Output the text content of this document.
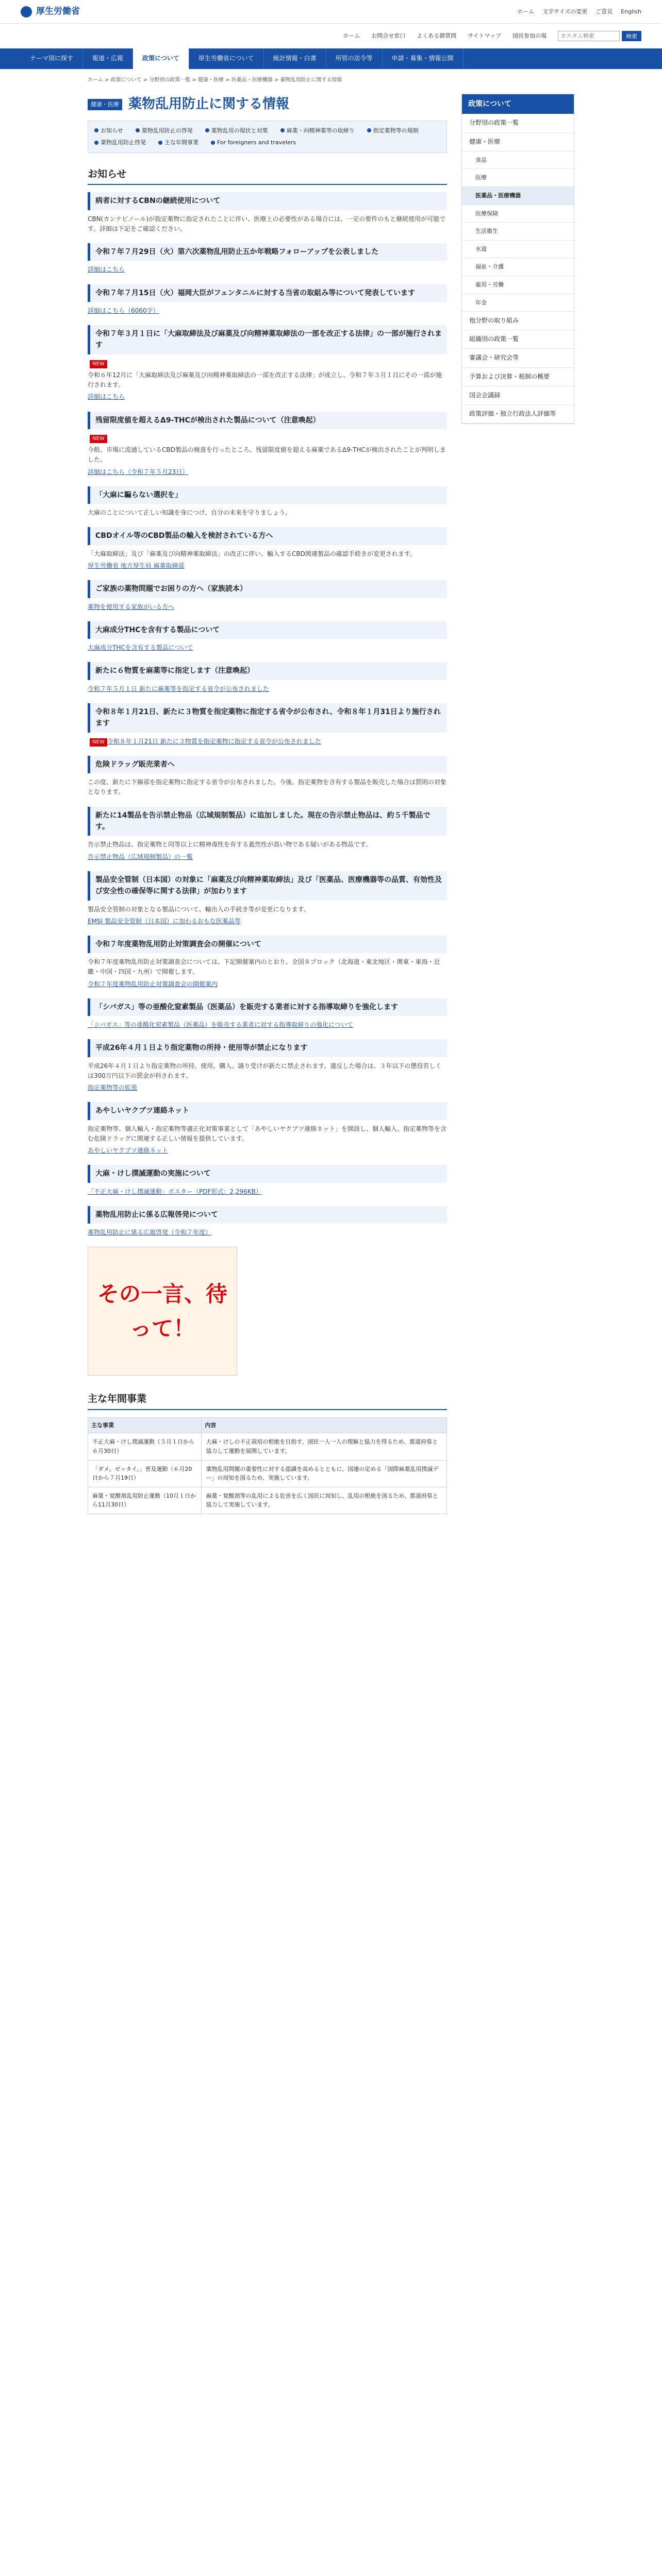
厚生労働省	ホーム 文字サイズの変更 ご意見 English
ホーム お問合せ窓口 よくある御質問 サイトマップ 国民参加の場
カスタム検索	検索
テーマ別に探す	報道・広報	政策について	厚生労働省について	統計情報・白書	所管の法令等	申請・募集・情報公開
ホーム > 政策について > 分野別の政策一覧 > 健康・医療 > 医薬品・医療機器 > 薬物乱用防止に関する情報
健康・医療 薬物乱用防止に関する情報
お知らせ	薬物乱用防止の啓発	薬物乱用の現状と対策	麻薬・向精神薬等の取締り	指定薬物等の規制
薬物乱用防止啓発	主な年間事業	For foreigners and travelers
お知らせ
病者に対するCBNの継続使用について

CBN(カンナビノール)が指定薬物に指定されたことに伴い、医療上の必要性がある場合には、一定の要件のもと継続使用が可能です。詳細は下記をご確認ください。

令和７年７月29日（火）第六次薬物乱用防止五か年戦略フォローアップを公表しました
詳細はこちら
令和７年７月15日（火）福岡大臣がフェンタニルに対する当省の取組み等について発表しています
詳細はこちら（6060字）
令和７年３月１日に「大麻取締法及び麻薬及び向精神薬取締法の一部を改正する法律」の一部が施行されます
NEW

令和６年12月に「大麻取締法及び麻薬及び向精神薬取締法の一部を改正する法律」が成立し、令和７年３月１日にその一部が施行されます。

詳細はこちら
残留限度値を超えるΔ9-THCが検出された製品について（注意喚起）
NEW

今般、市場に流通しているCBD製品の検査を行ったところ、残留限度値を超える麻薬であるΔ9-THCが検出されたことが判明しました。

詳細はこちら（令和７年５月23日）
「大麻に騙らない選択を」

大麻のことについて正しい知識を身につけ、自分の未来を守りましょう。

CBDオイル等のCBD製品の輸入を検討されている方へ

「大麻取締法」及び「麻薬及び向精神薬取締法」の改正に伴い、輸入するCBD関連製品の確認手続きが変更されます。

厚生労働省 地方厚生局 麻薬取締部
ご家族の薬物問題でお困りの方へ（家族読本）
薬物を使用する家族がいる方へ
大麻成分THCを含有する製品について
大麻成分THCを含有する製品について
新たに６物質を麻薬等に指定します（注意喚起）
令和７年５月１日 新たに麻薬等を指定する省令が公布されました
令和８年１月21日、新たに３物質を指定薬物に指定する省令が公布され、令和８年１月31日より施行されます
NEW 令和８年１月21日 新たに３物質を指定薬物に指定する省令が公布されました
危険ドラッグ販売業者へ

この度、新たに下線部を指定薬物に指定する省令が公布されました。今後、指定薬物を含有する製品を販売した場合は罰則の対象となります。

新たに14製品を告示禁止物品（広域規制製品）に追加しました。現在の告示禁止物品は、約５千製品です。

告示禁止物品は、指定薬物と同等以上に精神毒性を有する蓋然性が高い物である疑いがある物品です。

告示禁止物品（広域規制製品）の一覧
製品安全管制（日本国）の対象に「麻薬及び向精神薬取締法」及び「医薬品、医療機器等の品質、有効性及び安全性の確保等に関する法律」が加わります

製品安全管制の対象となる製品について、輸出入の手続き等が変更になります。

EMSI 製品安全管制（日本国）に加わるおもな医薬品等
令和７年度薬物乱用防止対策調査会の開催について

令和７年度薬物乱用防止対策調査会については、下記開催案内のとおり、全国８ブロック（北海道・東北地区・関東・東海・近畿・中国・四国・九州）で開催します。

令和７年度薬物乱用防止対策調査会の開催案内
「シバガス」等の亜酸化窒素製品（医薬品）を販売する業者に対する指導取締りを強化します
「シバガス」等の亜酸化窒素製品（医薬品）を販売する業者に対する指導取締りの強化について
平成26年４月１日より指定薬物の所持・使用等が禁止になります

平成26年４月１日より指定薬物の所持、使用、購入、譲り受けが新たに禁止されます。違反した場合は、３年以下の懲役若しくは300万円以下の罰金が科されます。

指定薬物等の拡張
あやしいヤクブツ連絡ネット

指定薬物等、個人輸入・指定薬物等適正化対策事業として「あやしいヤクブツ連絡ネット」を開設し、個人輸入、指定薬物等を含む危険ドラッグに関連する正しい情報を提供しています。

あやしいヤクブツ連絡ネット
大麻・けし撲滅運動の実施について
「不正大麻・けし撲滅運動」ポスター（PDF形式：2,296KB）
薬物乱用防止に係る広報啓発について
薬物乱用防止に係る広報啓発（令和７年度）
その一言、待って！
主な年間事業
主な事業	内容
不正大麻・けし撲滅運動（５月１日から６月30日）	大麻・けしの不正栽培の根絶を目指す、国民一人一人の理解と協力を得るため、都道府県と協力して運動を展開しています。
「ダメ。ゼッタイ。」普及運動（６月20日から７月19日）	薬物乱用問題の重要性に対する認識を高めるとともに、国連の定める「国際麻薬乱用撲滅デー」の周知を図るため、実施しています。
麻薬・覚醒剤乱用防止運動（10月１日から11月30日）	麻薬・覚醒剤等の乱用による危害を広く国民に周知し、乱用の根絶を図るため、都道府県と協力して実施しています。
政策について
分野別の政策一覧
健康・医療
食品
医療
医薬品・医療機器
医療保険
生活衛生
水道
福祉・介護
雇用・労働
年金
他分野の取り組み
組織別の政策一覧
審議会・研究会等
予算および決算・税制の概要
国会会議録
政策評価・独立行政法人評価等
